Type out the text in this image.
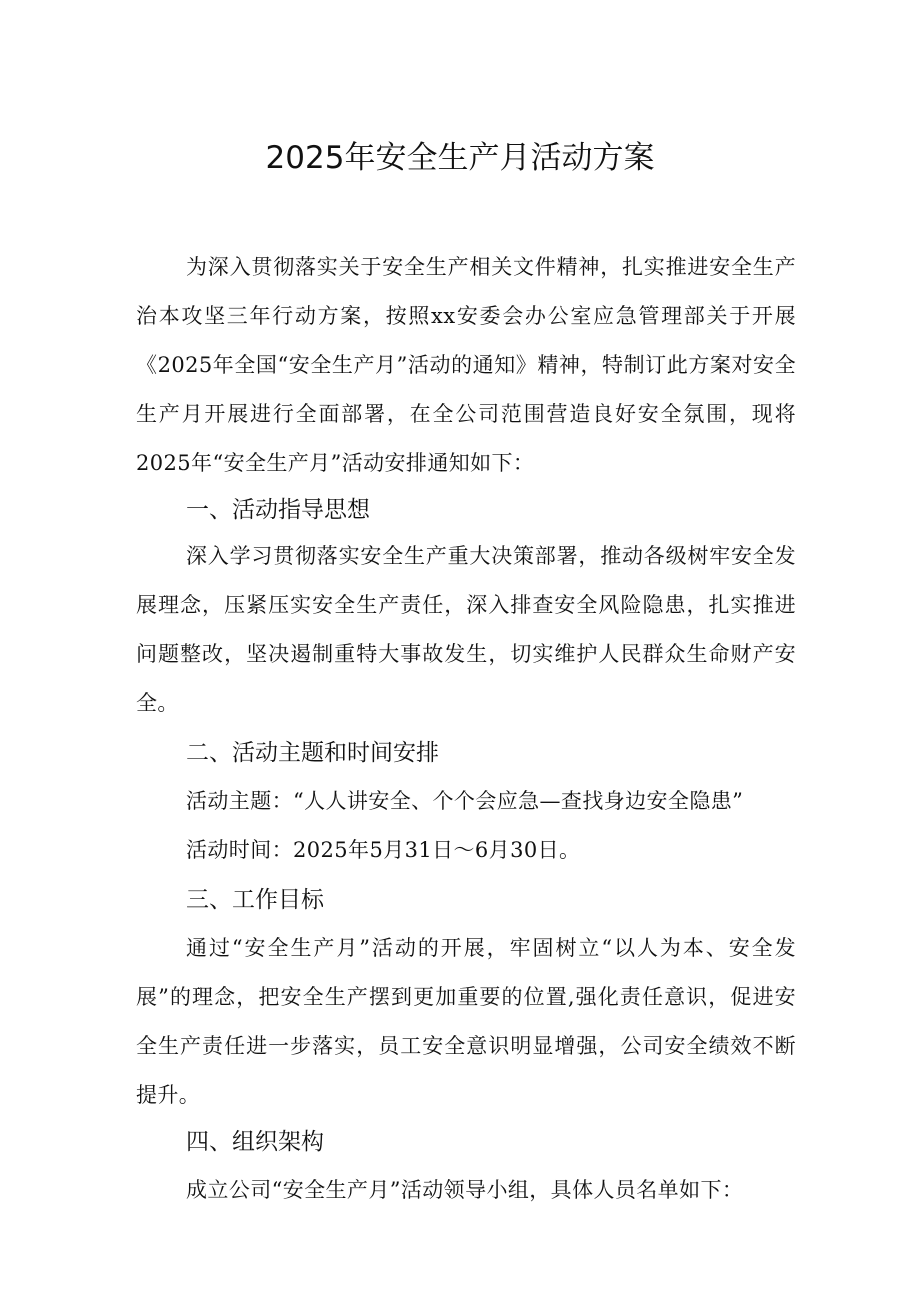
2025年安全生产月活动方案

为深入贯彻落实关于安全生产相关文件精神，扎实推进安全生产治本攻坚三年行动方案，按照xx安委会办公室应急管理部关于开展《2025年全国“安全生产月”活动的通知》精神，特制订此方案对安全生产月开展进行全面部署，在全公司范围营造良好安全氛围，现将2025年“安全生产月”活动安排通知如下：

一、活动指导思想

深入学习贯彻落实安全生产重大决策部署，推动各级树牢安全发展理念，压紧压实安全生产责任，深入排查安全风险隐患，扎实推进问题整改，坚决遏制重特大事故发生，切实维护人民群众生命财产安全。

二、活动主题和时间安排

活动主题：“人人讲安全、个个会应急—查找身边安全隐患”

活动时间：2025年5月31日～6月30日。

三、工作目标

通过“安全生产月”活动的开展，牢固树立“以人为本、安全发展”的理念，把安全生产摆到更加重要的位置,强化责任意识，促进安全生产责任进一步落实，员工安全意识明显增强，公司安全绩效不断提升。

四、组织架构

成立公司“安全生产月”活动领导小组，具体人员名单如下：
